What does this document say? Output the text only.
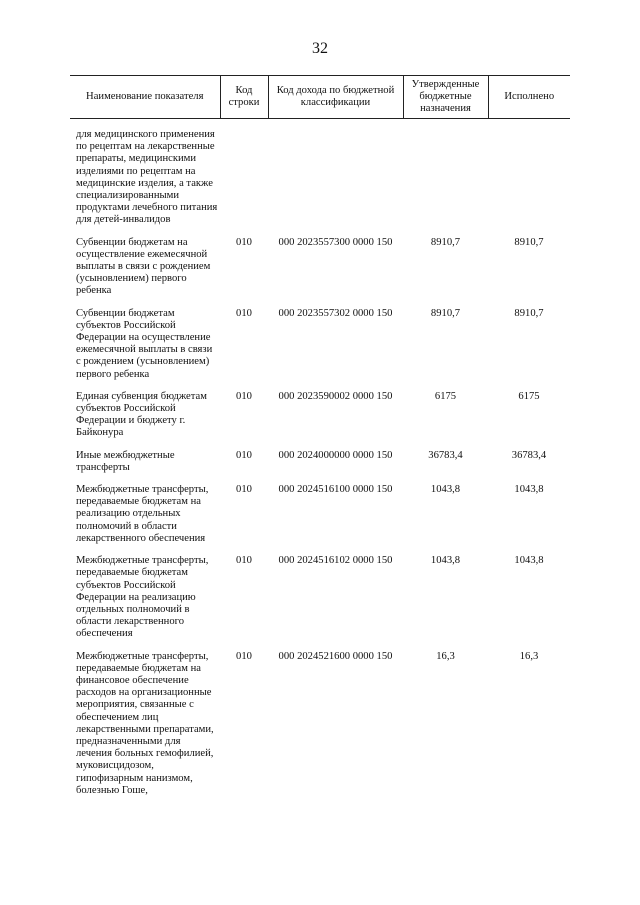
32
Наименование показателя	Код строки	Код дохода по бюджетной классификации	Утвержденные бюджетные назначения	Исполнено

для медицинского применения по рецептам на лекарственные препараты, медицинскими изделиями по рецептам на медицинские изделия, а также специализированными продуктами лечебного питания для детей-инвалидов				

Субвенции бюджетам на осуществление ежемесячной выплаты в связи с рождением (усыновлением) первого ребенка	010	000 2023557300 0000 150	8910,7	8910,7

Субвенции бюджетам субъектов Российской Федерации на осуществление ежемесячной выплаты в связи с рождением (усыновлением) первого ребенка	010	000 2023557302 0000 150	8910,7	8910,7

Единая субвенция бюджетам субъектов Российской Федерации и бюджету г. Байконура	010	000 2023590002 0000 150	6175	6175

Иные межбюджетные трансферты	010	000 2024000000 0000 150	36783,4	36783,4

Межбюджетные трансферты, передаваемые бюджетам на реализацию отдельных полномочий в области лекарственного обеспечения	010	000 2024516100 0000 150	1043,8	1043,8

Межбюджетные трансферты, передаваемые бюджетам субъектов Российской Федерации на реализацию отдельных полномочий в области лекарственного обеспечения	010	000 2024516102 0000 150	1043,8	1043,8

Межбюджетные трансферты, передаваемые бюджетам на финансовое обеспечение расходов на организационные мероприятия, связанные с обеспечением лиц лекарственными препаратами, предназначенными для лечения больных гемофилией, муковисцидозом, гипофизарным нанизмом, болезнью Гоше,	010	000 2024521600 0000 150	16,3	16,3
